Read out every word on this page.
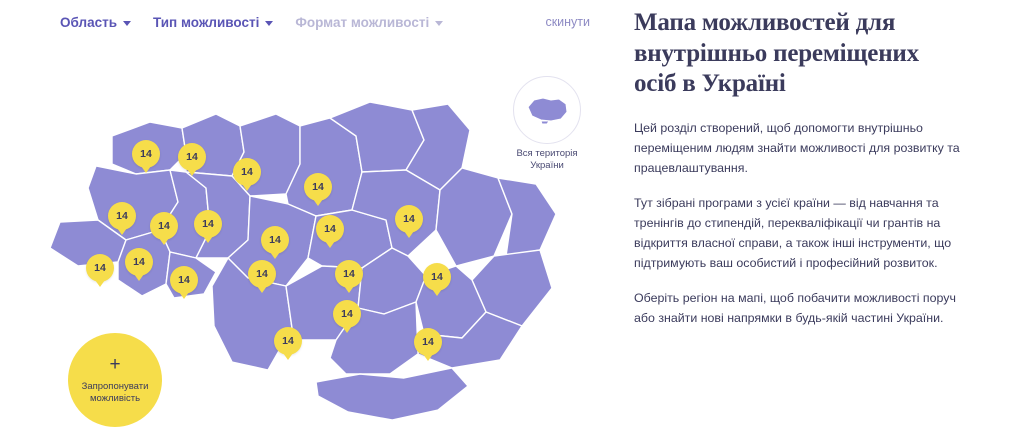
Область	Тип можливості	Формат можливості	скинути
14	14
14
14
14
14	14
14
14
14
14	14
14	14	14	14
14
14	14
Вся територія України
+
Запропонувати можливість
Мапа можливостей для внутрішньо переміщених осіб в Україні

Цей розділ створений, щоб допомогти внутрішньо переміщеним людям знайти можливості для розвитку та працевлаштування.

Тут зібрані програми з усієї країни — від навчання та тренінгів до стипендій, перекваліфікації чи грантів на відкриття власної справи, а також інші інструменти, що підтримують ваш особистий і професійний розвиток.

Оберіть регіон на мапі, щоб побачити можливості поруч або знайти нові напрямки в будь-якій частині України.
